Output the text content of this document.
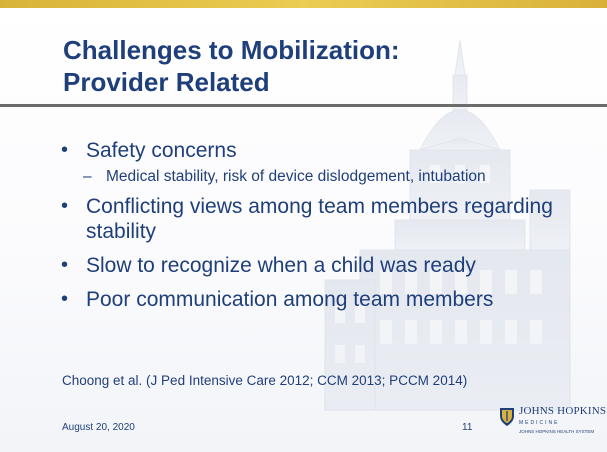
Challenges to Mobilization:
Provider Related
• Safety concerns
– Medical stability, risk of device dislodgement, intubation
• Conflicting views among team members regarding stability
• Slow to recognize when a child was ready
• Poor communication among team members
Choong et al. (J Ped Intensive Care 2012; CCM 2013; PCCM 2014)
August 20, 2020	11
JOHNS HOPKINS
MEDICINE
JOHNS HOPKINS HEALTH SYSTEM
